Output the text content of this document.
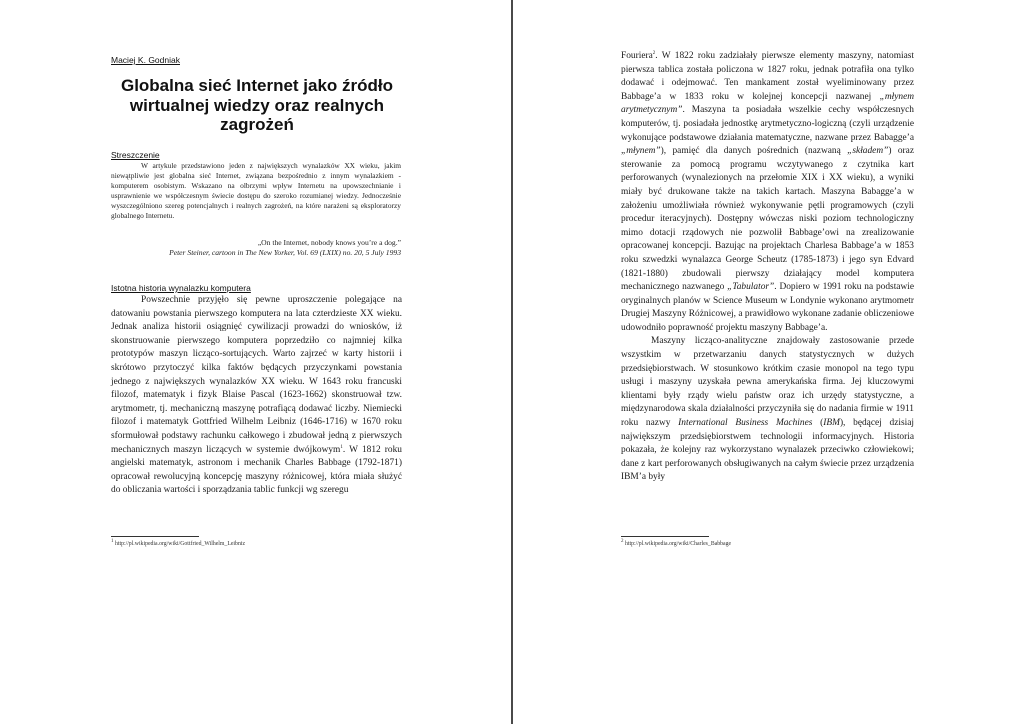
Maciej K. Godniak
Globalna sieć Internet jako źródło wirtualnej wiedzy oraz realnych zagrożeń
Streszczenie

W artykule przedstawiono jeden z największych wynalazków XX wieku, jakim niewątpliwie jest globalna sieć Internet, związana bezpośrednio z innym wynalazkiem - komputerem osobistym. Wskazano na olbrzymi wpływ Internetu na upowszechnianie i usprawnienie we współczesnym świecie dostępu do szeroko rozumianej wiedzy. Jednocześnie wyszczególniono szereg potencjalnych i realnych zagrożeń, na które narażeni są eksploratorzy globalnego Internetu.

„On the Internet, nobody knows you’re a dog.”
Peter Steiner, cartoon in The New Yorker, Vol. 69 (LXIX) no. 20, 5 July 1993
Istotna historia wynalazku komputera

Powszechnie przyjęło się pewne uproszczenie polegające na datowaniu powstania pierwszego komputera na lata czterdzieste XX wieku. Jednak analiza historii osiągnięć cywilizacji prowadzi do wniosków, iż skonstruowanie pierwszego komputera poprzedziło co najmniej kilka prototypów maszyn licząco-sortujących. Warto zajrzeć w karty historii i skrótowo przytoczyć kilka faktów będących przyczynkami powstania jednego z największych wynalazków XX wieku. W 1643 roku francuski filozof, matematyk i fizyk Blaise Pascal (1623-1662) skonstruował tzw. arytmometr, tj. mechaniczną maszynę potrafiącą dodawać liczby. Niemiecki filozof i matematyk Gottfried Wilhelm Leibniz (1646-1716) w 1670 roku sformułował podstawy rachunku całkowego i zbudował jedną z pierwszych mechanicznych maszyn liczących w systemie dwójkowym$^1$. W 1812 roku angielski matematyk, astronom i mechanik Charles Babbage (1792-1871) opracował rewolucyjną koncepcję maszyny różnicowej, która miała służyć do obliczania wartości i sporządzania tablic funkcji wg szeregu

$^1$ http://pl.wikipedia.org/wiki/Gottfried_Wilhelm_Leibniz

Fouriera$^2$. W 1822 roku zadziałały pierwsze elementy maszyny, natomiast pierwsza tablica została policzona w 1827 roku, jednak potrafiła ona tylko dodawać i odejmować. Ten mankament został wyeliminowany przez Babbage’a w 1833 roku w kolejnej koncepcji nazwanej „młynem arytmetycznym”. Maszyna ta posiadała wszelkie cechy współczesnych komputerów, tj. posiadała jednostkę arytmetyczno-logiczną (czyli urządzenie wykonujące podstawowe działania matematyczne, nazwane przez Babagge’a „młynem”), pamięć dla danych pośrednich (nazwaną „składem”) oraz sterowanie za pomocą programu wczytywanego z czytnika kart perforowanych (wynalezionych na przełomie XIX i XX wieku), a wyniki miały być drukowane także na takich kartach. Maszyna Babagge’a w założeniu umożliwiała również wykonywanie pętli programowych (czyli procedur iteracyjnych). Dostępny wówczas niski poziom technologiczny mimo dotacji rządowych nie pozwolił Babbage’owi na zrealizowanie opracowanej koncepcji. Bazując na projektach Charlesa Babbage’a w 1853 roku szwedzki wynalazca George Scheutz (1785-1873) i jego syn Edvard (1821-1880) zbudowali pierwszy działający model komputera mechanicznego nazwanego „Tabulator”. Dopiero w 1991 roku na podstawie oryginalnych planów w Science Museum w Londynie wykonano arytmometr Drugiej Maszyny Różnicowej, a prawidłowo wykonane zadanie obliczeniowe udowodniło poprawność projektu maszyny Babbage’a.

Maszyny licząco-analityczne znajdowały zastosowanie przede wszystkim w przetwarzaniu danych statystycznych w dużych przedsiębiorstwach. W stosunkowo krótkim czasie monopol na tego typu usługi i maszyny uzyskała pewna amerykańska firma. Jej kluczowymi klientami były rządy wielu państw oraz ich urzędy statystyczne, a międzynarodowa skala działalności przyczyniła się do nadania firmie w 1911 roku nazwy International Business Machines (IBM), będącej dzisiaj największym przedsiębiorstwem technologii informacyjnych. Historia pokazała, że kolejny raz wykorzystano wynalazek przeciwko człowiekowi; dane z kart perforowanych obsługiwanych na całym świecie przez urządzenia IBM’a były

$^2$ http://pl.wikipedia.org/wiki/Charles_Babbage
